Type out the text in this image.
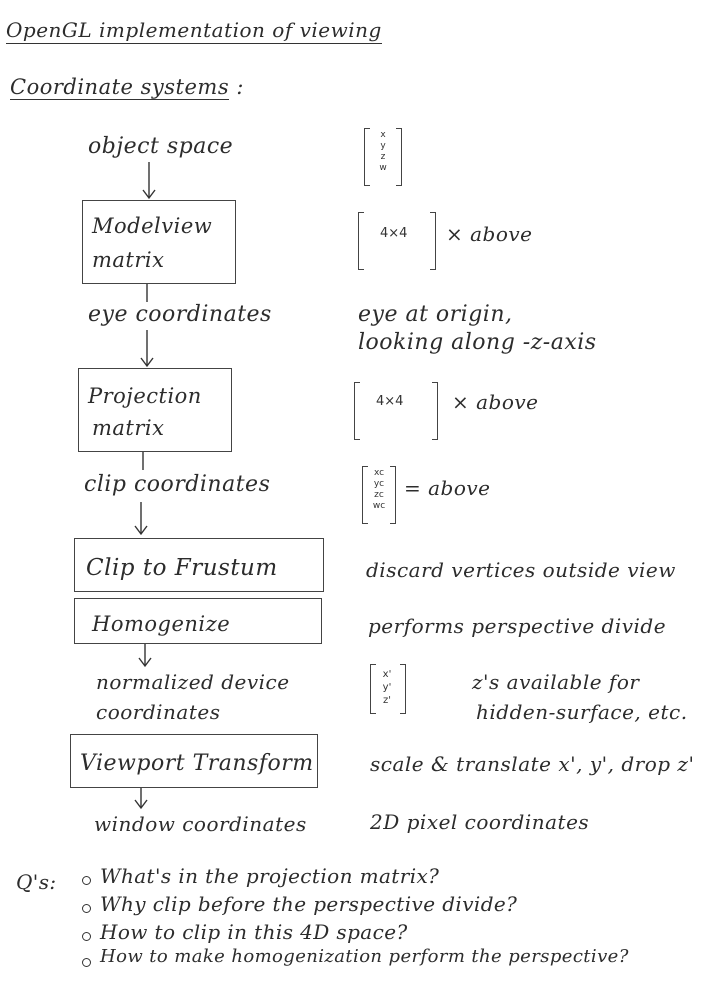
OpenGL implementation of viewing
Coordinate systems :
object space	x
y
z
w
Modelview
matrix
4×4 × above
eye coordinates	eye at origin,
looking along -z-axis
Projection
matrix
4×4 × above
clip coordinates	xc
yc
zc
wc
= above
Clip to Frustum	discard vertices outside view
Homogenize	performs perspective divide
normalized device
coordinates
x'
y'
z'
z's available for
hidden-surface, etc.
Viewport Transform	scale & translate x', y', drop z'
window coordinates	2D pixel coordinates
Q's: What's in the projection matrix?
Why clip before the perspective divide?
How to clip in this 4D space?
How to make homogenization perform the perspective?
